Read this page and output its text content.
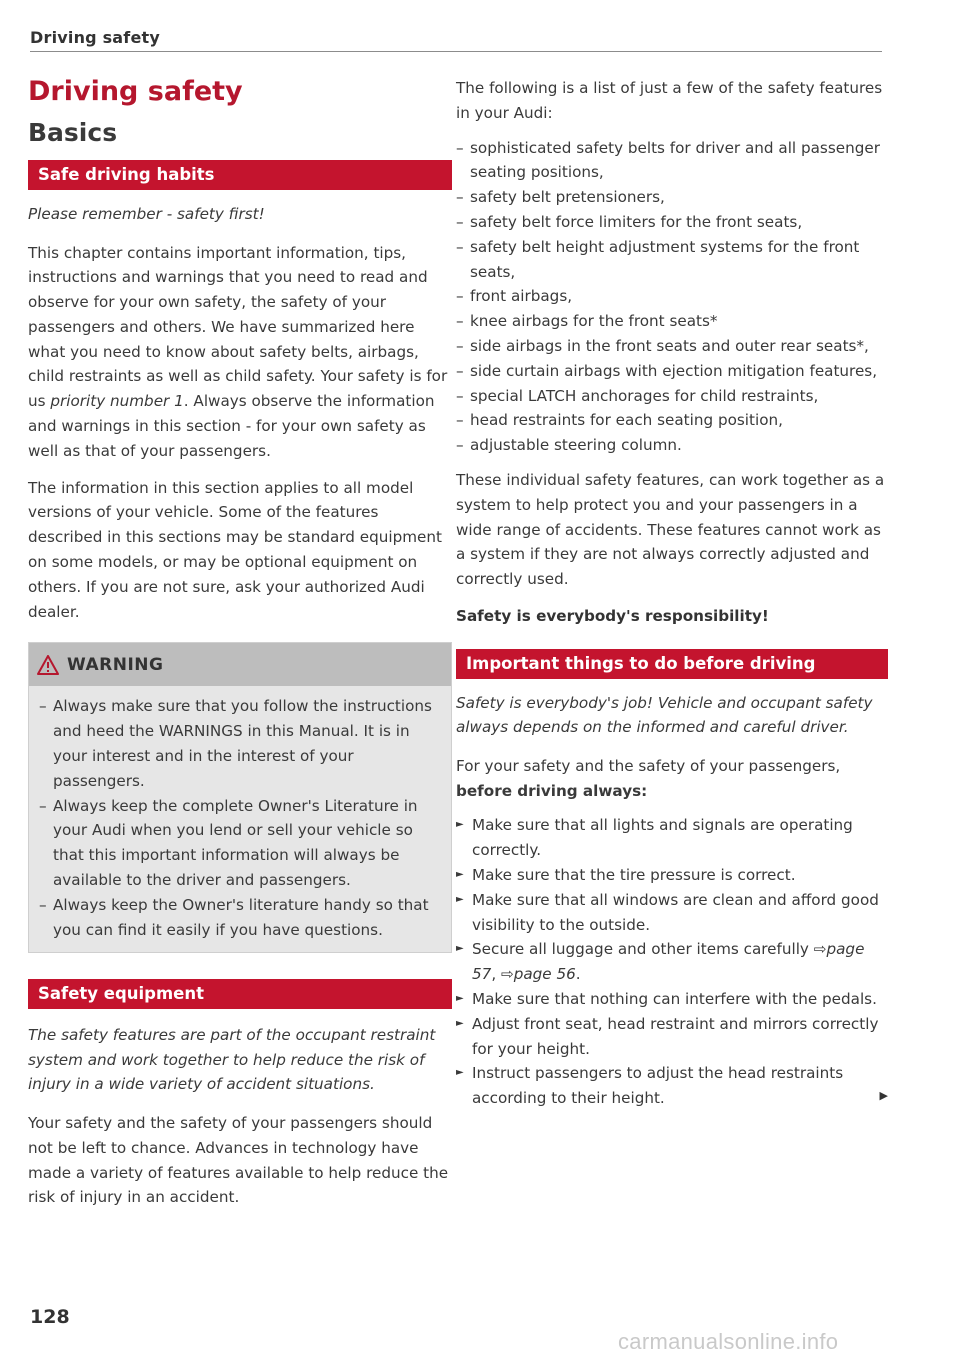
Driving safety
Driving safety
Basics
Safe driving habits
Please remember - safety first!

This chapter contains important information, tips, instructions and warnings that you need to read and observe for your own safety, the safety of your passengers and others. We have summarized here what you need to know about safety belts, airbags, child restraints as well as child safety. Your safety is for us priority number 1. Always observe the information and warnings in this section - for your own safety as well as that of your passengers.

The information in this section applies to all model versions of your vehicle. Some of the features described in this sections may be standard equipment on some models, or may be optional equipment on others. If you are not sure, ask your authorized Audi dealer.

WARNING
– Always make sure that you follow the instructions and heed the WARNINGS in this Manual. It is in your interest and in the interest of your passengers.
– Always keep the complete Owner's Literature in your Audi when you lend or sell your vehicle so that this important information will always be available to the driver and passengers.
– Always keep the Owner's literature handy so that you can find it easily if you have questions.
Safety equipment
The safety features are part of the occupant restraint system and work together to help reduce the risk of injury in a wide variety of accident situations.

Your safety and the safety of your passengers should not be left to chance. Advances in technology have made a variety of features available to help reduce the risk of injury in an accident.

The following is a list of just a few of the safety features in your Audi:

– sophisticated safety belts for driver and all passenger seating positions,
– safety belt pretensioners,
– safety belt force limiters for the front seats,
– safety belt height adjustment systems for the front seats,
– front airbags,
– knee airbags for the front seats*
– side airbags in the front seats and outer rear seats*,
– side curtain airbags with ejection mitigation features,
– special LATCH anchorages for child restraints,
– head restraints for each seating position,
– adjustable steering column.

These individual safety features, can work together as a system to help protect you and your passengers in a wide range of accidents. These features cannot work as a system if they are not always correctly adjusted and correctly used.

Safety is everybody's responsibility!
Important things to do before driving
Safety is everybody's job! Vehicle and occupant safety always depends on the informed and careful driver.

For your safety and the safety of your passengers, before driving always:

► Make sure that all lights and signals are operating correctly.
► Make sure that the tire pressure is correct.
► Make sure that all windows are clean and afford good visibility to the outside.
► Secure all luggage and other items carefully ⇨page 57, ⇨page 56.
► Make sure that nothing can interfere with the pedals.
► Adjust front seat, head restraint and mirrors correctly for your height.
► Instruct passengers to adjust the head restraints according to their height.	▶
128
carmanualsonline.info
